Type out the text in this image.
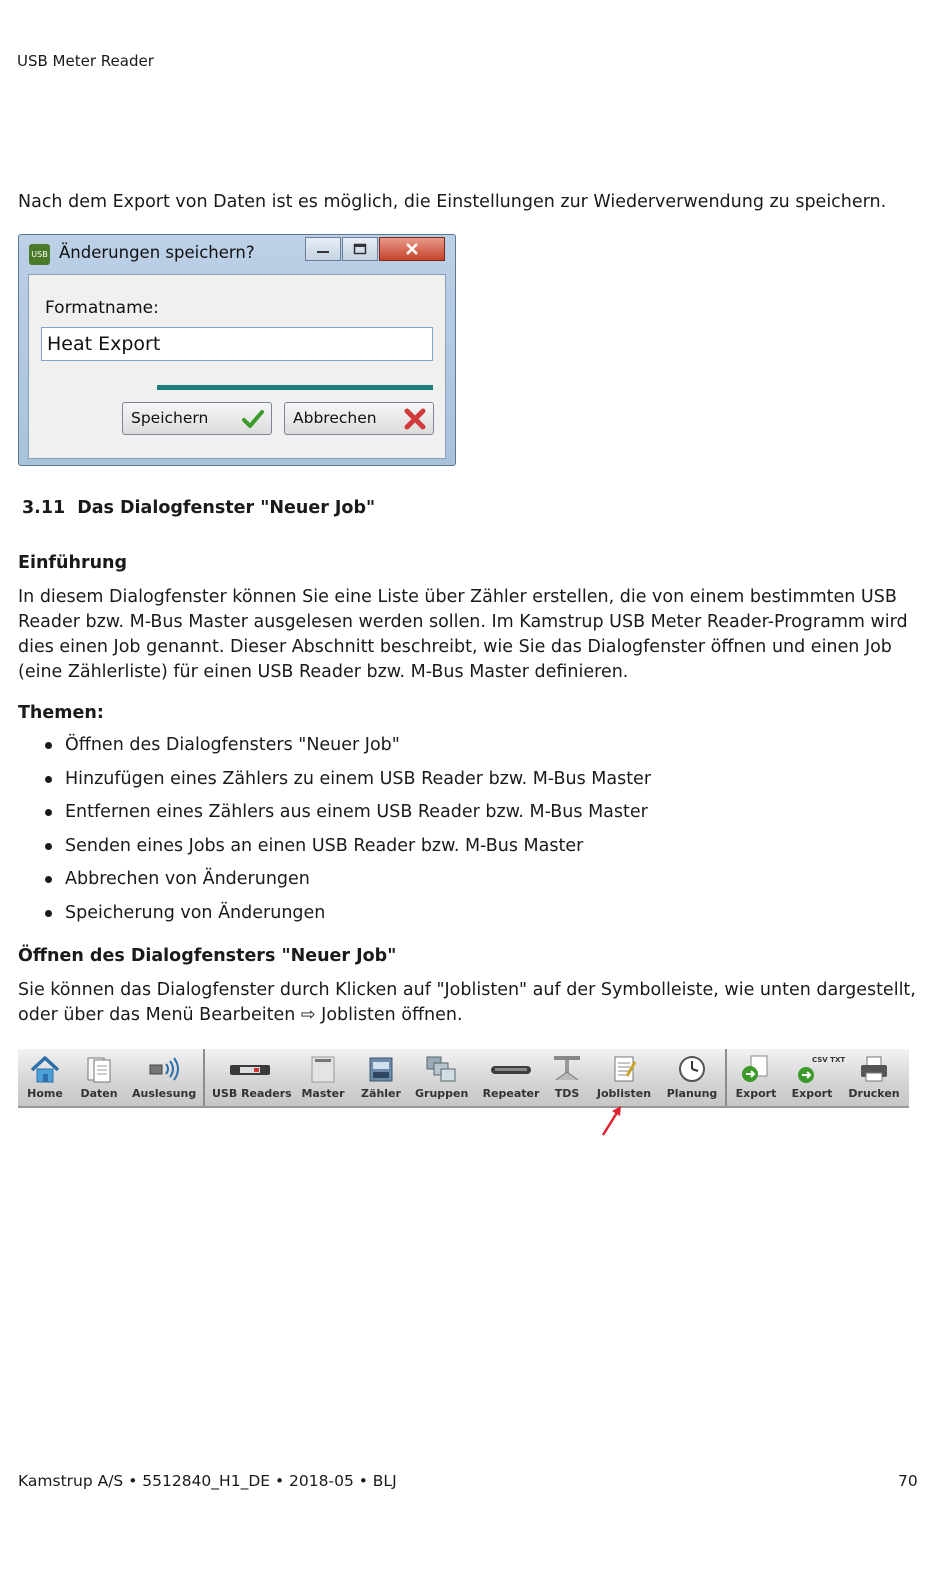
USB Meter Reader
Nach dem Export von Daten ist es möglich, die Einstellungen zur Wiederverwendung zu speichern.
USB Änderungen speichern?
Formatname:
Heat Export
Speichern	Abbrechen
3.11 Das Dialogfenster "Neuer Job"
Einführung
In diesem Dialogfenster können Sie eine Liste über Zähler erstellen, die von einem bestimmten USB Reader bzw. M-Bus Master ausgelesen werden sollen. Im Kamstrup USB Meter Reader-Programm wird dies einen Job genannt. Dieser Abschnitt beschreibt, wie Sie das Dialogfenster öffnen und einen Job (eine Zählerliste) für einen USB Reader bzw. M-Bus Master definieren.
Themen:
Öffnen des Dialogfensters "Neuer Job"
Hinzufügen eines Zählers zu einem USB Reader bzw. M-Bus Master
Entfernen eines Zählers aus einem USB Reader bzw. M-Bus Master
Senden eines Jobs an einen USB Reader bzw. M-Bus Master
Abbrechen von Änderungen
Speicherung von Änderungen
Öffnen des Dialogfensters "Neuer Job"
Sie können das Dialogfenster durch Klicken auf "Joblisten" auf der Symbolleiste, wie unten dargestellt, oder über das Menü Bearbeiten ⇨ Joblisten öffnen.
Home	Daten	Auslesung USB Readers Master Zähler Gruppen Repeater	TDS	Joblisten Planung	Export
CSV TXT
Export	Drucken
Kamstrup A/S • 5512840_H1_DE • 2018-05 • BLJ	70
